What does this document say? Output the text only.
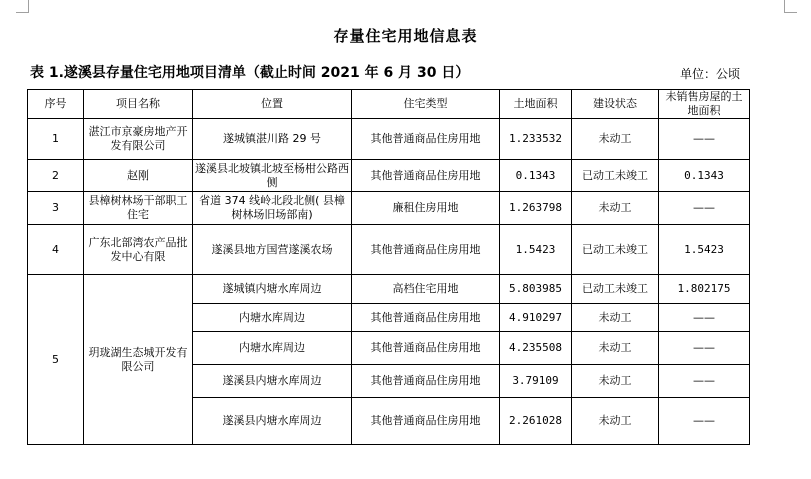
存量住宅用地信息表
表 1.遂溪县存量住宅用地项目清单（截止时间 2021 年 6 月 30 日）	单位：公顷
序号	项目名称	位置	住宅类型	土地面积	建设状态	未销售房屋的土地面积
1	湛江市京豪房地产开发有限公司	遂城镇湛川路 29 号	其他普通商品住房用地	1.233532	未动工	——
2	赵刚	遂溪县北坡镇北坡至杨柑公路西侧	其他普通商品住房用地	0.1343	已动工未竣工	0.1343
3	县樟树林场干部职工住宅	省道 374 线岭北段北侧( 县樟树林场旧场部南)	廉租住房用地	1.263798	未动工	——
4	广东北部湾农产品批发中心有限	遂溪县地方国营遂溪农场	其他普通商品住房用地	1.5423	已动工未竣工	1.5423
5	玥珑湖生态城开发有限公司	遂城镇内塘水库周边	高档住宅用地	5.803985	已动工未竣工	1.802175
		内塘水库周边	其他普通商品住房用地	4.910297	未动工	——
		内塘水库周边	其他普通商品住房用地	4.235508	未动工	——
		遂溪县内塘水库周边	其他普通商品住房用地	3.79109	未动工	——
		遂溪县内塘水库周边	其他普通商品住房用地	2.261028	未动工	——
